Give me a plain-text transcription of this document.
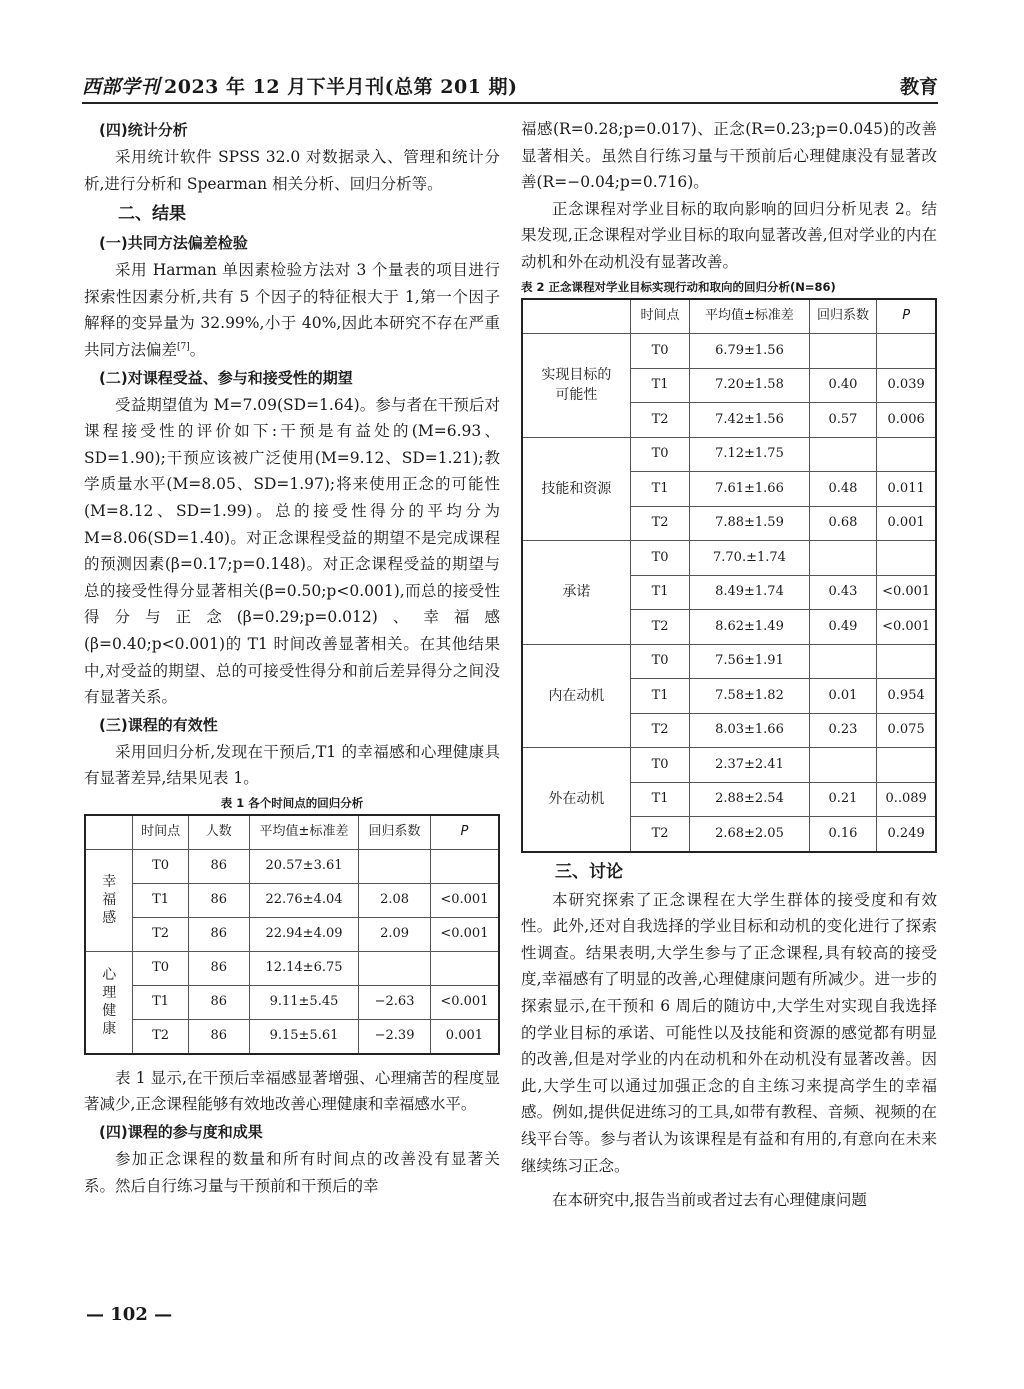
西部学刊 2023 年 12 月下半月刊(总第 201 期)	教育
(四)统计分析

采用统计软件 SPSS 32.0 对数据录入、管理和统计分析,进行分析和 Spearman 相关分析、回归分析等。

二、结果
(一)共同方法偏差检验

采用 Harman 单因素检验方法对 3 个量表的项目进行探索性因素分析,共有 5 个因子的特征根大于 1,第一个因子解释的变异量为 32.99%,小于 40%,因此本研究不存在严重共同方法偏差[7]。

(二)对课程受益、参与和接受性的期望

受益期望值为 M=7.09(SD=1.64)。参与者在干预后对课程接受性的评价如下:干预是有益处的(M=6.93、SD=1.90);干预应该被广泛使用(M=9.12、SD=1.21);教学质量水平(M=8.05、SD=1.97);将来使用正念的可能性(M=8.12、SD=1.99)。总的接受性得分的平均分为 M=8.06(SD=1.40)。对正念课程受益的期望不是完成课程的预测因素(β=0.17;p=0.148)。对正念课程受益的期望与总的接受性得分显著相关(β=0.50;p<0.001),而总的接受性得分与正念(β=0.29;p=0.012)、幸福感(β=0.40;p<0.001)的 T1 时间改善显著相关。在其他结果中,对受益的期望、总的可接受性得分和前后差异得分之间没有显著关系。

(三)课程的有效性

采用回归分析,发现在干预后,T1 的幸福感和心理健康具有显著差异,结果见表 1。

表 1 各个时间点的回归分析
	时间点	人数	平均值±标准差	回归系数	P

幸
福
感	T0	86	20.57±3.61		
	T1	86	22.76±4.04	2.08	<0.001
	T2	86	22.94±4.09	2.09	<0.001

心
理
健
康	T0	86	12.14±6.75		
	T1	86	9.11±5.45	−2.63	<0.001
	T2	86	9.15±5.61	−2.39	0.001

表 1 显示,在干预后幸福感显著增强、心理痛苦的程度显著减少,正念课程能够有效地改善心理健康和幸福感水平。

(四)课程的参与度和成果

参加正念课程的数量和所有时间点的改善没有显著关系。然后自行练习量与干预前和干预后的幸

福感(R=0.28;p=0.017)、正念(R=0.23;p=0.045)的改善显著相关。虽然自行练习量与干预前后心理健康没有显著改善(R=−0.04;p=0.716)。

正念课程对学业目标的取向影响的回归分析见表 2。结果发现,正念课程对学业目标的取向显著改善,但对学业的内在动机和外在动机没有显著改善。

表 2 正念课程对学业目标实现行动和取向的回归分析(N=86)
	时间点	平均值±标准差	回归系数	P

实现目标的
可能性	T0	6.79±1.56		
	T1	7.20±1.58	0.40	0.039
	T2	7.42±1.56	0.57	0.006
技能和资源	T0	7.12±1.75		
	T1	7.61±1.66	0.48	0.011
	T2	7.88±1.59	0.68	0.001
承诺	T0	7.70.±1.74		
	T1	8.49±1.74	0.43	<0.001
	T2	8.62±1.49	0.49	<0.001
内在动机	T0	7.56±1.91		
	T1	7.58±1.82	0.01	0.954
	T2	8.03±1.66	0.23	0.075
外在动机	T0	2.37±2.41		
	T1	2.88±2.54	0.21	0..089
	T2	2.68±2.05	0.16	0.249
三、讨论

本研究探索了正念课程在大学生群体的接受度和有效性。此外,还对自我选择的学业目标和动机的变化进行了探索性调查。结果表明,大学生参与了正念课程,具有较高的接受度,幸福感有了明显的改善,心理健康问题有所减少。进一步的探索显示,在干预和 6 周后的随访中,大学生对实现自我选择的学业目标的承诺、可能性以及技能和资源的感觉都有明显的改善,但是对学业的内在动机和外在动机没有显著改善。因此,大学生可以通过加强正念的自主练习来提高学生的幸福感。例如,提供促进练习的工具,如带有教程、音频、视频的在线平台等。参与者认为该课程是有益和有用的,有意向在未来继续练习正念。

在本研究中,报告当前或者过去有心理健康问题

— 102 —
